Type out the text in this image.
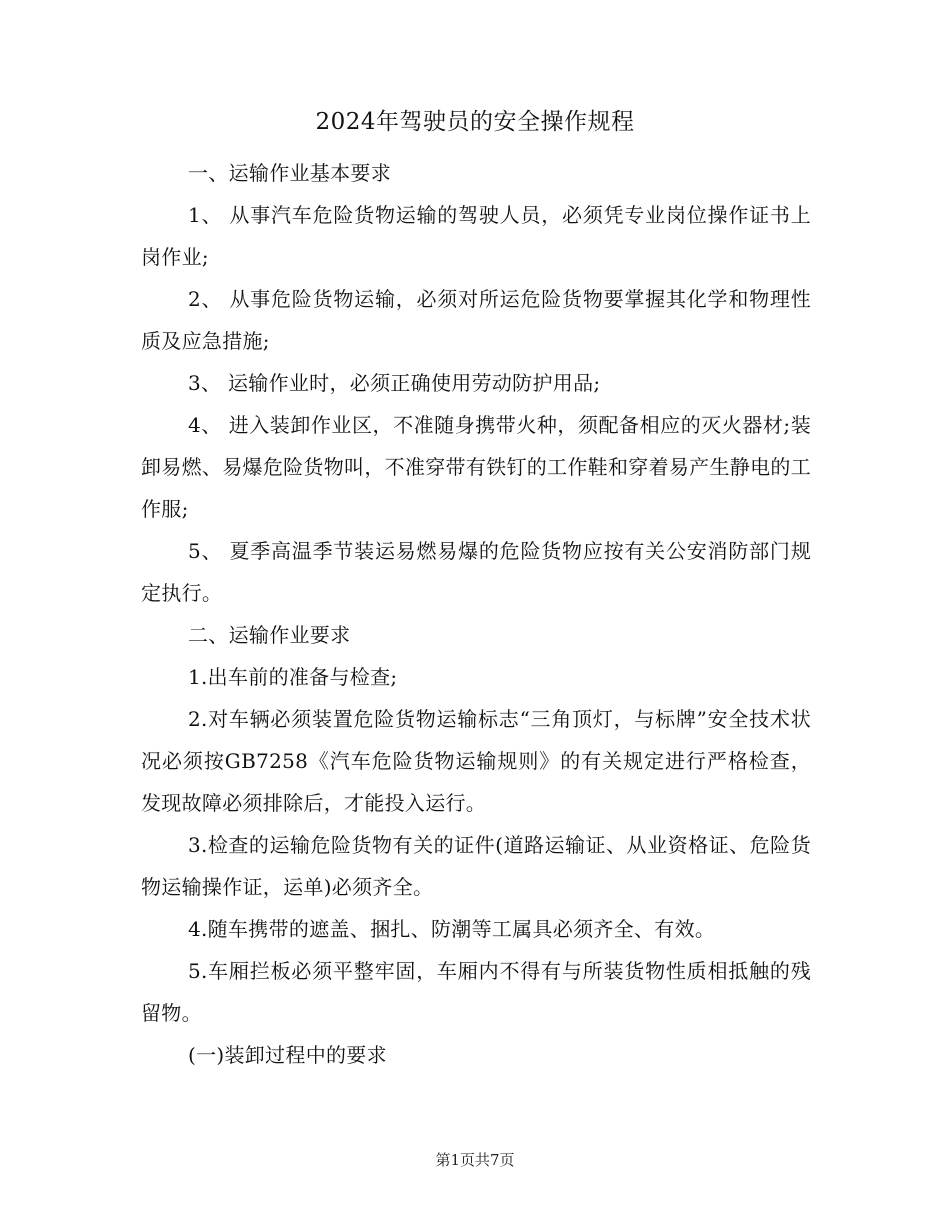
2024年驾驶员的安全操作规程

一、运输作业基本要求

1、 从事汽车危险货物运输的驾驶人员，必须凭专业岗位操作证书上岗作业;

2、 从事危险货物运输，必须对所运危险货物要掌握其化学和物理性质及应急措施;

3、 运输作业时，必须正确使用劳动防护用品;

4、 进入装卸作业区，不准随身携带火种，须配备相应的灭火器材;装卸易燃、易爆危险货物叫，不准穿带有铁钉的工作鞋和穿着易产生静电的工作服;

5、 夏季高温季节装运易燃易爆的危险货物应按有关公安消防部门规定执行。

二、运输作业要求

1.出车前的准备与检查;

2.对车辆必须装置危险货物运输标志“三角顶灯，与标牌”安全技术状况必须按GB7258《汽车危险货物运输规则》的有关规定进行严格检查，发现故障必须排除后，才能投入运行。

3.检查的运输危险货物有关的证件(道路运输证、从业资格证、危险货物运输操作证，运单)必须齐全。

4.随车携带的遮盖、捆扎、防潮等工属具必须齐全、有效。

5.车厢拦板必须平整牢固，车厢内不得有与所装货物性质相抵触的残留物。

(一)装卸过程中的要求

第1页共7页
